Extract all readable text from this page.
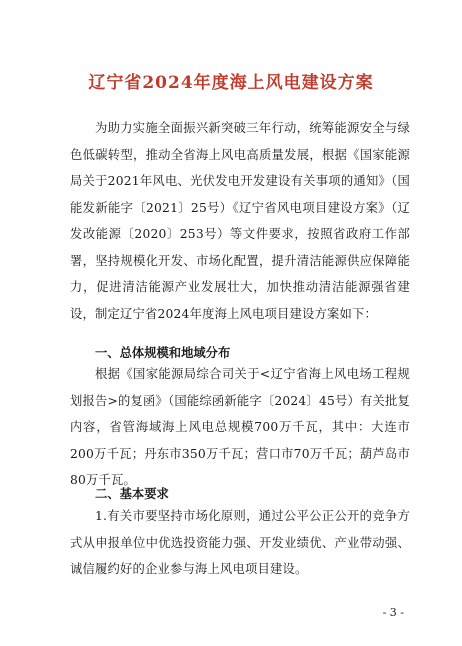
辽宁省2024年度海上风电建设方案

为助力实施全面振兴新突破三年行动，统筹能源安全与绿色低碳转型，推动全省海上风电高质量发展，根据《国家能源局关于2021年风电、光伏发电开发建设有关事项的通知》（国能发新能字〔2021〕25号）《辽宁省风电项目建设方案》（辽发改能源〔2020〕253号）等文件要求，按照省政府工作部署，坚持规模化开发、市场化配置，提升清洁能源供应保障能力，促进清洁能源产业发展壮大，加快推动清洁能源强省建设，制定辽宁省2024年度海上风电项目建设方案如下：

一、总体规模和地域分布

根据《国家能源局综合司关于<辽宁省海上风电场工程规划报告>的复函》（国能综函新能字〔2024〕45号）有关批复内容，省管海域海上风电总规模700万千瓦，其中：大连市200万千瓦；丹东市350万千瓦；营口市70万千瓦；葫芦岛市80万千瓦。

二、基本要求

1.有关市要坚持市场化原则，通过公平公正公开的竞争方式从申报单位中优选投资能力强、开发业绩优、产业带动强、诚信履约好的企业参与海上风电项目建设。

- 3 -
